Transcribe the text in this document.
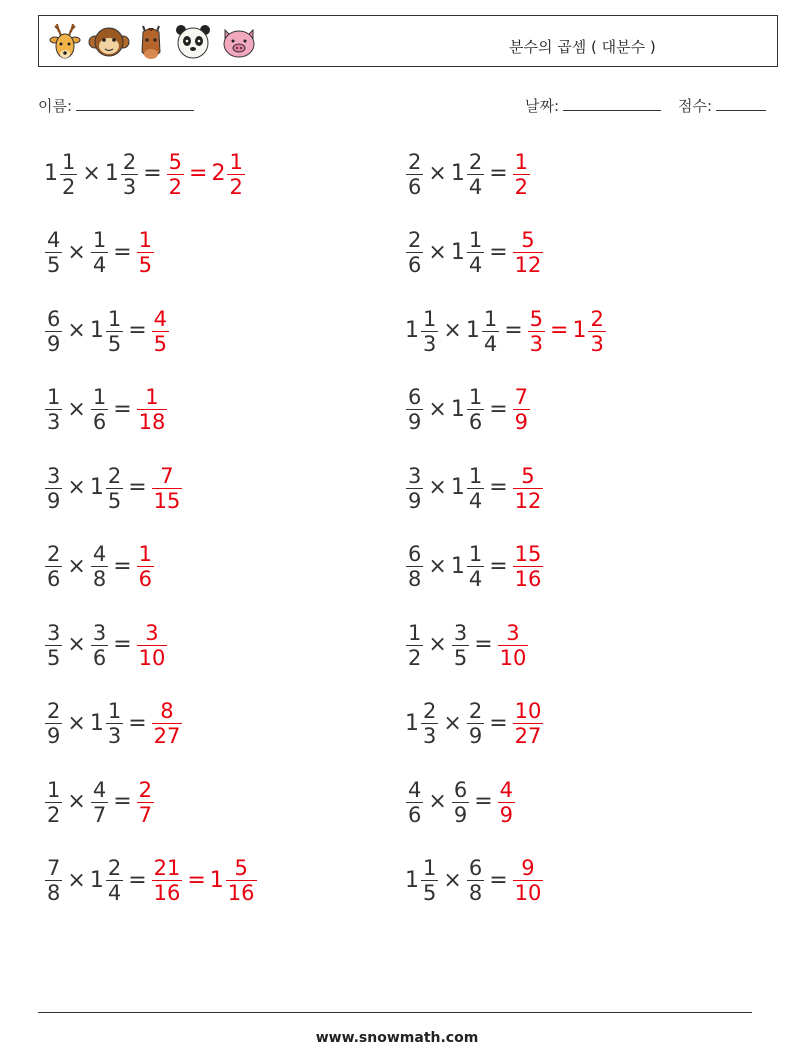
분수의 곱셈 ( 대분수 )
이름:	날짜:	점수:
$1 \frac{1}{2} \times 1 \frac{2}{3} = \frac{5}{2} = 2 \frac{1}{2}$	$\frac{2}{6} \times 1 \frac{2}{4} = \frac{1}{2}$
$\frac{4}{5} \times \frac{1}{4} = \frac{1}{5}$	$\frac{2}{6} \times 1 \frac{1}{4} = \frac{5}{12}$
$\frac{6}{9} \times 1 \frac{1}{5} = \frac{4}{5}$	$1 \frac{1}{3} \times 1 \frac{1}{4} = \frac{5}{3} = 1 \frac{2}{3}$
$\frac{1}{3} \times \frac{1}{6} = \frac{1}{18}$	$\frac{6}{9} \times 1 \frac{1}{6} = \frac{7}{9}$
$\frac{3}{9} \times 1 \frac{2}{5} = \frac{7}{15}$	$\frac{3}{9} \times 1 \frac{1}{4} = \frac{5}{12}$
$\frac{2}{6} \times \frac{4}{8} = \frac{1}{6}$	$\frac{6}{8} \times 1 \frac{1}{4} = \frac{15}{16}$
$\frac{3}{5} \times \frac{3}{6} = \frac{3}{10}$	$\frac{1}{2} \times \frac{3}{5} = \frac{3}{10}$
$\frac{2}{9} \times 1 \frac{1}{3} = \frac{8}{27}$	$1 \frac{2}{3} \times \frac{2}{9} = \frac{10}{27}$
$\frac{1}{2} \times \frac{4}{7} = \frac{2}{7}$	$\frac{4}{6} \times \frac{6}{9} = \frac{4}{9}$
$\frac{7}{8} \times 1 \frac{2}{4} = \frac{21}{16} = 1 \frac{5}{16}$	$1 \frac{1}{5} \times \frac{6}{8} = \frac{9}{10}$
www.snowmath.com
